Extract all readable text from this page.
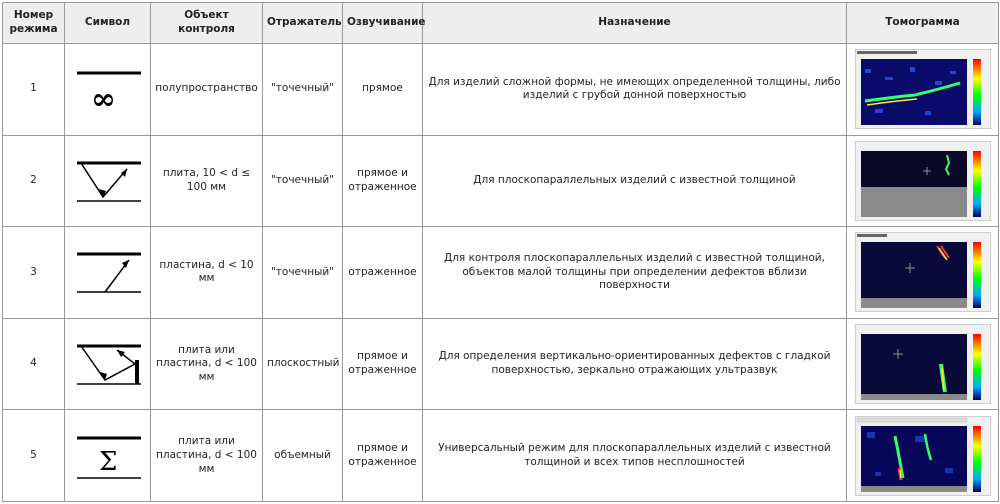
Номер режима	Символ	Объект контроля	Отражатель	Озвучивание	Назначение	Томограмма
1	∞	полупространство	"точечный"	прямое	Для изделий сложной формы, не имеющих определенной толщины, либо изделий с грубой донной поверхностью	

2		плита, 10 < d ≤ 100 мм	"точечный"	прямое и отраженное	Для плоскопараллельных изделий с известной толщиной	

3		пластина, d < 10 мм	"точечный"	отраженное	Для контроля плоскопараллельных изделий с известной толщиной, объектов малой толщины при определении дефектов вблизи поверхности	

4		плита или пластина, d < 100 мм	плоскостный	прямое и отраженное	Для определения вертикально-ориентированных дефектов с гладкой поверхностью, зеркально отражающих ультразвук	

5	Σ	плита или пластина, d < 100 мм	объемный	прямое и отраженное	Универсальный режим для плоскопараллельных изделий с известной толщиной и всех типов несплошностей	
